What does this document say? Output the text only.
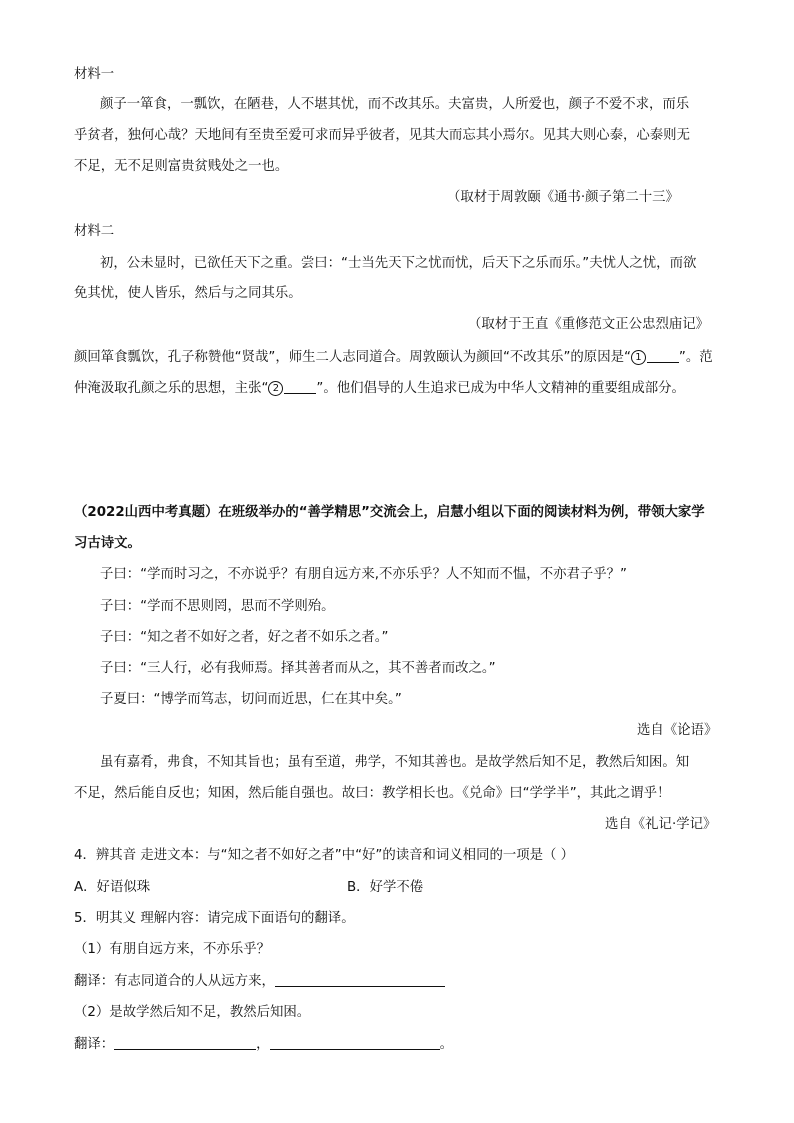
材料一
颜子一箪食，一瓢饮，在陋巷，人不堪其忧，而不改其乐。夫富贵，人所爱也，颜子不爱不求，而乐
乎贫者，独何心哉？天地间有至贵至爱可求而异乎彼者，见其大而忘其小焉尔。见其大则心泰，心泰则无
不足，无不足则富贵贫贱处之一也。
（取材于周敦颐《通书·颜子第二十三》
材料二
初，公未显时，已欲任天下之重。尝曰：“士当先天下之忧而忧，后天下之乐而乐。”夫忧人之忧，而欲
免其忧，使人皆乐，然后与之同其乐。
（取材于王直《重修范文正公忠烈庙记》
颜回箪食瓢饮，孔子称赞他“贤哉”，师生二人志同道合。周敦颐认为颜回“不改其乐”的原因是“ 1	”。范
仲淹汲取孔颜之乐的思想，主张“ 2	”。他们倡导的人生追求已成为中华人文精神的重要组成部分。
（2022山西中考真题）在班级举办的“善学精思”交流会上，启慧小组以下面的阅读材料为例，带领大家学
习古诗文。
子曰：“学而时习之，不亦说乎？有朋自远方来,不亦乐乎？人不知而不愠，不亦君子乎？”
子曰：“学而不思则罔，思而不学则殆。
子曰：“知之者不如好之者，好之者不如乐之者。”
子曰：“三人行，必有我师焉。择其善者而从之，其不善者而改之。”
子夏曰：“博学而笃志，切问而近思，仁在其中矣。”
选自《论语》
虽有嘉肴，弗食，不知其旨也；虽有至道，弗学，不知其善也。是故学然后知不足，教然后知困。知
不足，然后能自反也；知困，然后能自强也。故曰：教学相长也。《兑命》曰“学学半”，其此之谓乎！
选自《礼记·学记》
4．辨其音 走进文本：与“知之者不如好之者”中“好”的读音和词义相同的一项是（ ）
A．好语似珠	B．好学不倦
5．明其义 理解内容：请完成下面语句的翻译。
（1）有朋自远方来，不亦乐乎？
翻译：有志同道合的人从远方来，
（2）是故学然后知不足，教然后知困。
翻译：	，	。
